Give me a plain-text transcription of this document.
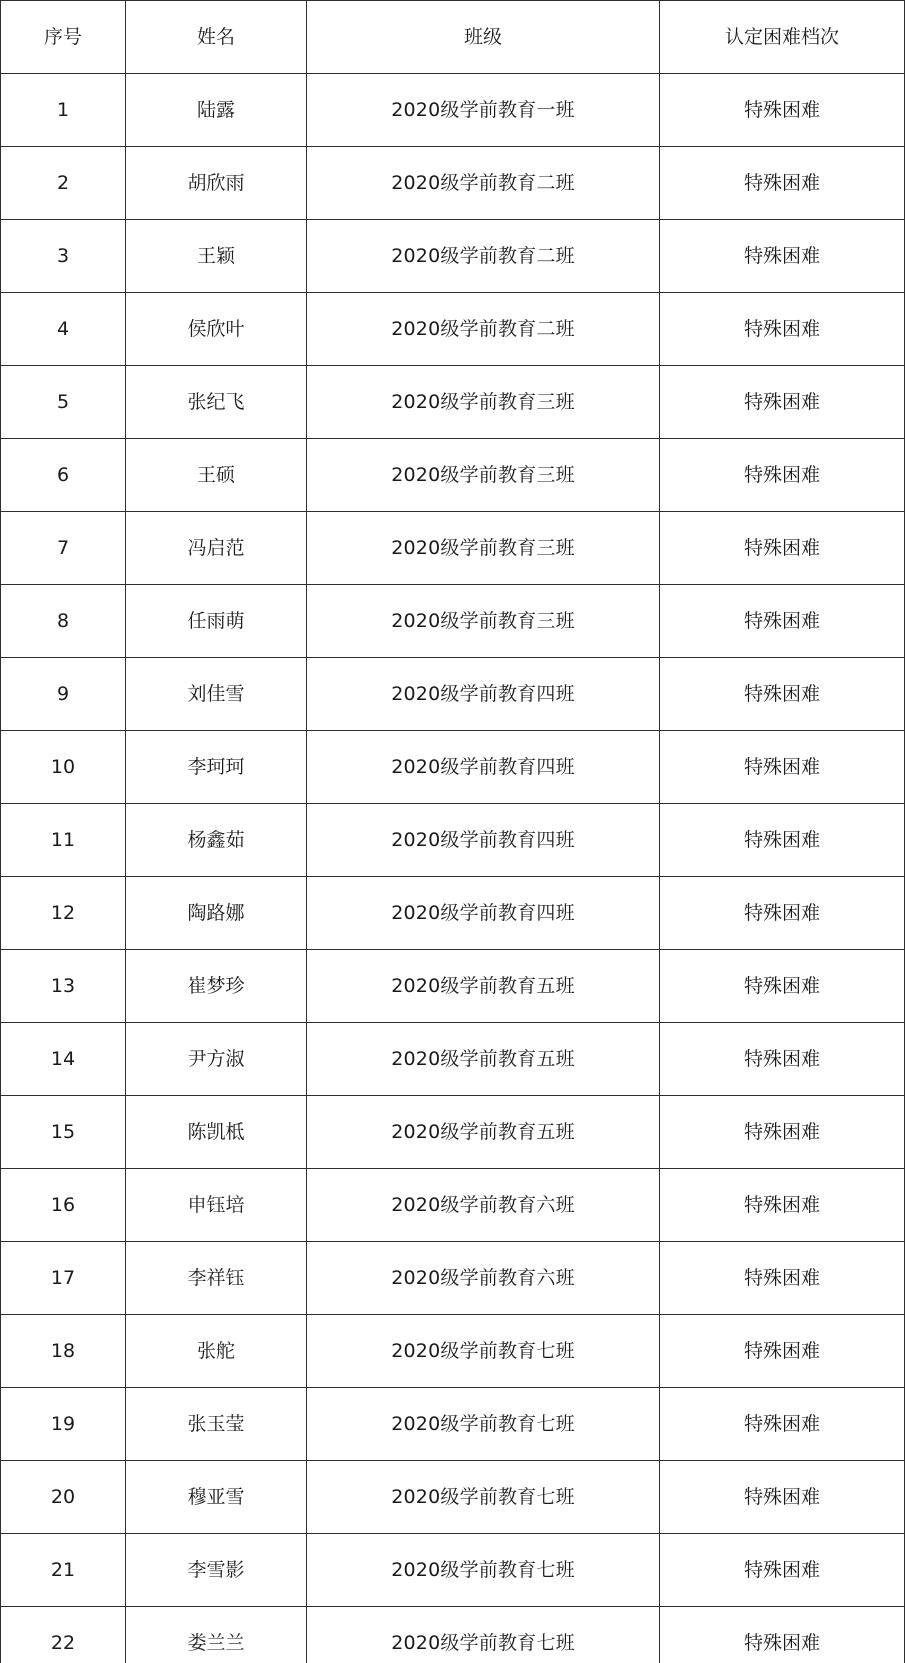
序号	姓名	班级	认定困难档次
1	陆露	2020级学前教育一班	特殊困难
2	胡欣雨	2020级学前教育二班	特殊困难
3	王颖	2020级学前教育二班	特殊困难
4	侯欣叶	2020级学前教育二班	特殊困难
5	张纪飞	2020级学前教育三班	特殊困难
6	王硕	2020级学前教育三班	特殊困难
7	冯启范	2020级学前教育三班	特殊困难
8	任雨萌	2020级学前教育三班	特殊困难
9	刘佳雪	2020级学前教育四班	特殊困难
10	李珂珂	2020级学前教育四班	特殊困难
11	杨鑫茹	2020级学前教育四班	特殊困难
12	陶路娜	2020级学前教育四班	特殊困难
13	崔梦珍	2020级学前教育五班	特殊困难
14	尹方淑	2020级学前教育五班	特殊困难
15	陈凯柢	2020级学前教育五班	特殊困难
16	申钰培	2020级学前教育六班	特殊困难
17	李祥钰	2020级学前教育六班	特殊困难
18	张舵	2020级学前教育七班	特殊困难
19	张玉莹	2020级学前教育七班	特殊困难
20	穆亚雪	2020级学前教育七班	特殊困难
21	李雪影	2020级学前教育七班	特殊困难
22	娄兰兰	2020级学前教育七班	特殊困难
